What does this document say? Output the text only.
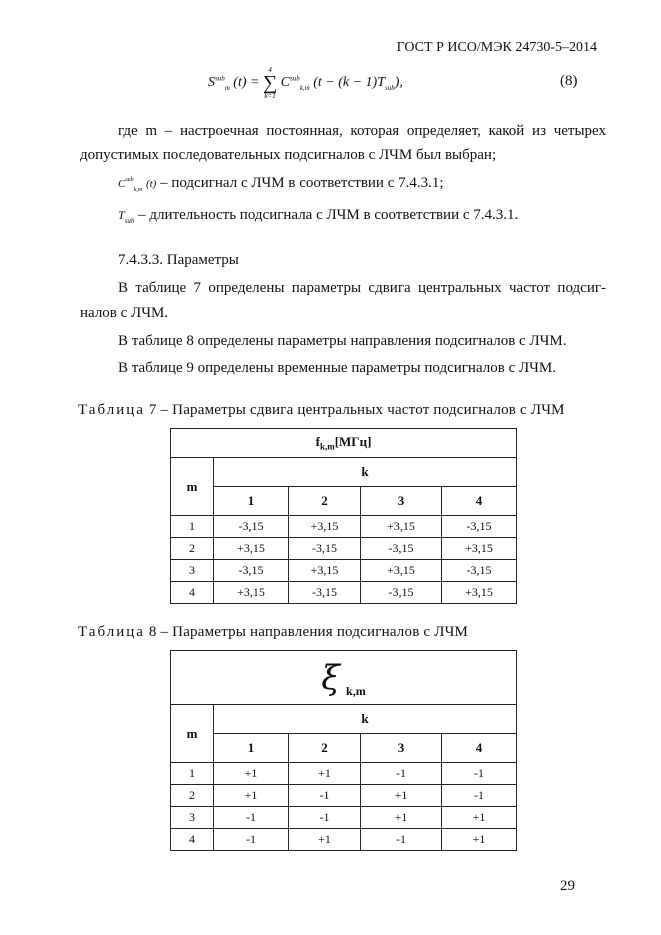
ГОСТ Р ИСО/МЭК 24730-5–2014
$S^{sub}_m$ (t) =
4
∑
k=1
$C^{sub}_{k,m}$ $(t - (k - 1)T_{sub})$,	(8)
где m – настроечная постоянная, которая определяет, какой из четырех
допустимых последовательных подсигналов с ЛЧМ был выбран;
$C^{sub}_{k,m}$ (t) – подсигнал с ЛЧМ в соответствии с 7.4.3.1;
$T_{sub}$ – длительность подсигнала с ЛЧМ в соответствии с 7.4.3.1.
7.4.3.3. Параметры
В таблице 7 определены параметры сдвига центральных частот подсиг-
налов с ЛЧМ.
В таблице 8 определены параметры направления подсигналов с ЛЧМ.
В таблице 9 определены временные параметры подсигналов с ЛЧМ.
Таблица 7 – Параметры сдвига центральных частот подсигналов с ЛЧМ
$f_{k,m}[МГц]$				
m	k			
	1	2	3	4
1	-3,15	+3,15	+3,15	-3,15
2	+3,15	-3,15	-3,15	+3,15
3	-3,15	+3,15	+3,15	-3,15
4	+3,15	-3,15	-3,15	+3,15
Таблица 8 – Параметры направления подсигналов с ЛЧМ
ξ k,m				
m	k			
	1	2	3	4
1	+1	+1	-1	-1
2	+1	-1	+1	-1
3	-1	-1	+1	+1
4	-1	+1	-1	+1
29
